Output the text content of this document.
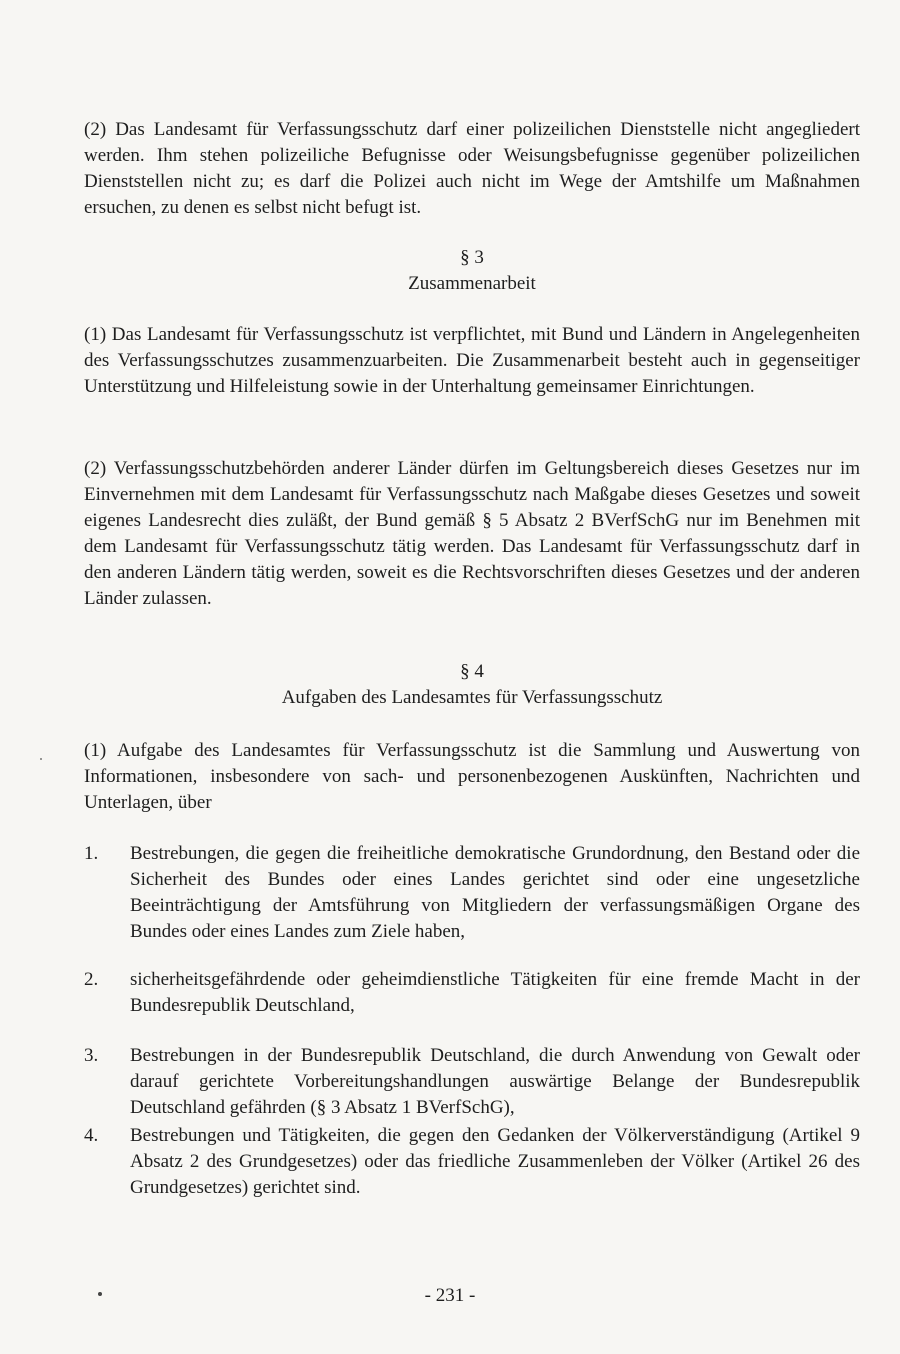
(2) Das Landesamt für Verfassungsschutz darf einer polizeilichen Dienststelle nicht angegliedert werden. Ihm stehen polizeiliche Befugnisse oder Weisungsbefugnisse gegenüber polizeilichen Dienststellen nicht zu; es darf die Polizei auch nicht im Wege der Amtshilfe um Maßnahmen ersuchen, zu denen es selbst nicht befugt ist.

§ 3
Zusammenarbeit

(1) Das Landesamt für Verfassungsschutz ist verpflichtet, mit Bund und Ländern in Angelegenheiten des Verfassungsschutzes zusammenzuarbeiten. Die Zusammenarbeit besteht auch in gegenseitiger Unterstützung und Hilfeleistung sowie in der Unterhaltung gemeinsamer Einrichtungen.

(2) Verfassungsschutzbehörden anderer Länder dürfen im Geltungsbereich dieses Gesetzes nur im Einvernehmen mit dem Landesamt für Verfassungsschutz nach Maßgabe dieses Gesetzes und soweit eigenes Landesrecht dies zuläßt, der Bund gemäß § 5 Absatz 2 BVerfSchG nur im Benehmen mit dem Landesamt für Verfassungsschutz tätig werden. Das Landesamt für Verfassungsschutz darf in den anderen Ländern tätig werden, soweit es die Rechtsvorschriften dieses Gesetzes und der anderen Länder zulassen.

§ 4
Aufgaben des Landesamtes für Verfassungsschutz

(1) Aufgabe des Landesamtes für Verfassungsschutz ist die Sammlung und Auswertung von Informationen, insbesondere von sach- und personenbezogenen Auskünften, Nachrichten und Unterlagen, über

1.	Bestrebungen, die gegen die freiheitliche demokratische Grundordnung, den Bestand oder die Sicherheit des Bundes oder eines Landes gerichtet sind oder eine ungesetzliche Beeinträchtigung der Amtsführung von Mitgliedern der verfassungsmäßigen Organe des Bundes oder eines Landes zum Ziele haben,
2.	sicherheitsgefährdende oder geheimdienstliche Tätigkeiten für eine fremde Macht in der Bundesrepublik Deutschland,
3.	Bestrebungen in der Bundesrepublik Deutschland, die durch Anwendung von Gewalt oder darauf gerichtete Vorbereitungshandlungen auswärtige Belange der Bundesrepublik Deutschland gefährden (§ 3 Absatz 1 BVerfSchG),
4.	Bestrebungen und Tätigkeiten, die gegen den Gedanken der Völkerverständigung (Artikel 9 Absatz 2 des Grundgesetzes) oder das friedliche Zusammenleben der Völker (Artikel 26 des Grundgesetzes) gerichtet sind.
- 231 -
